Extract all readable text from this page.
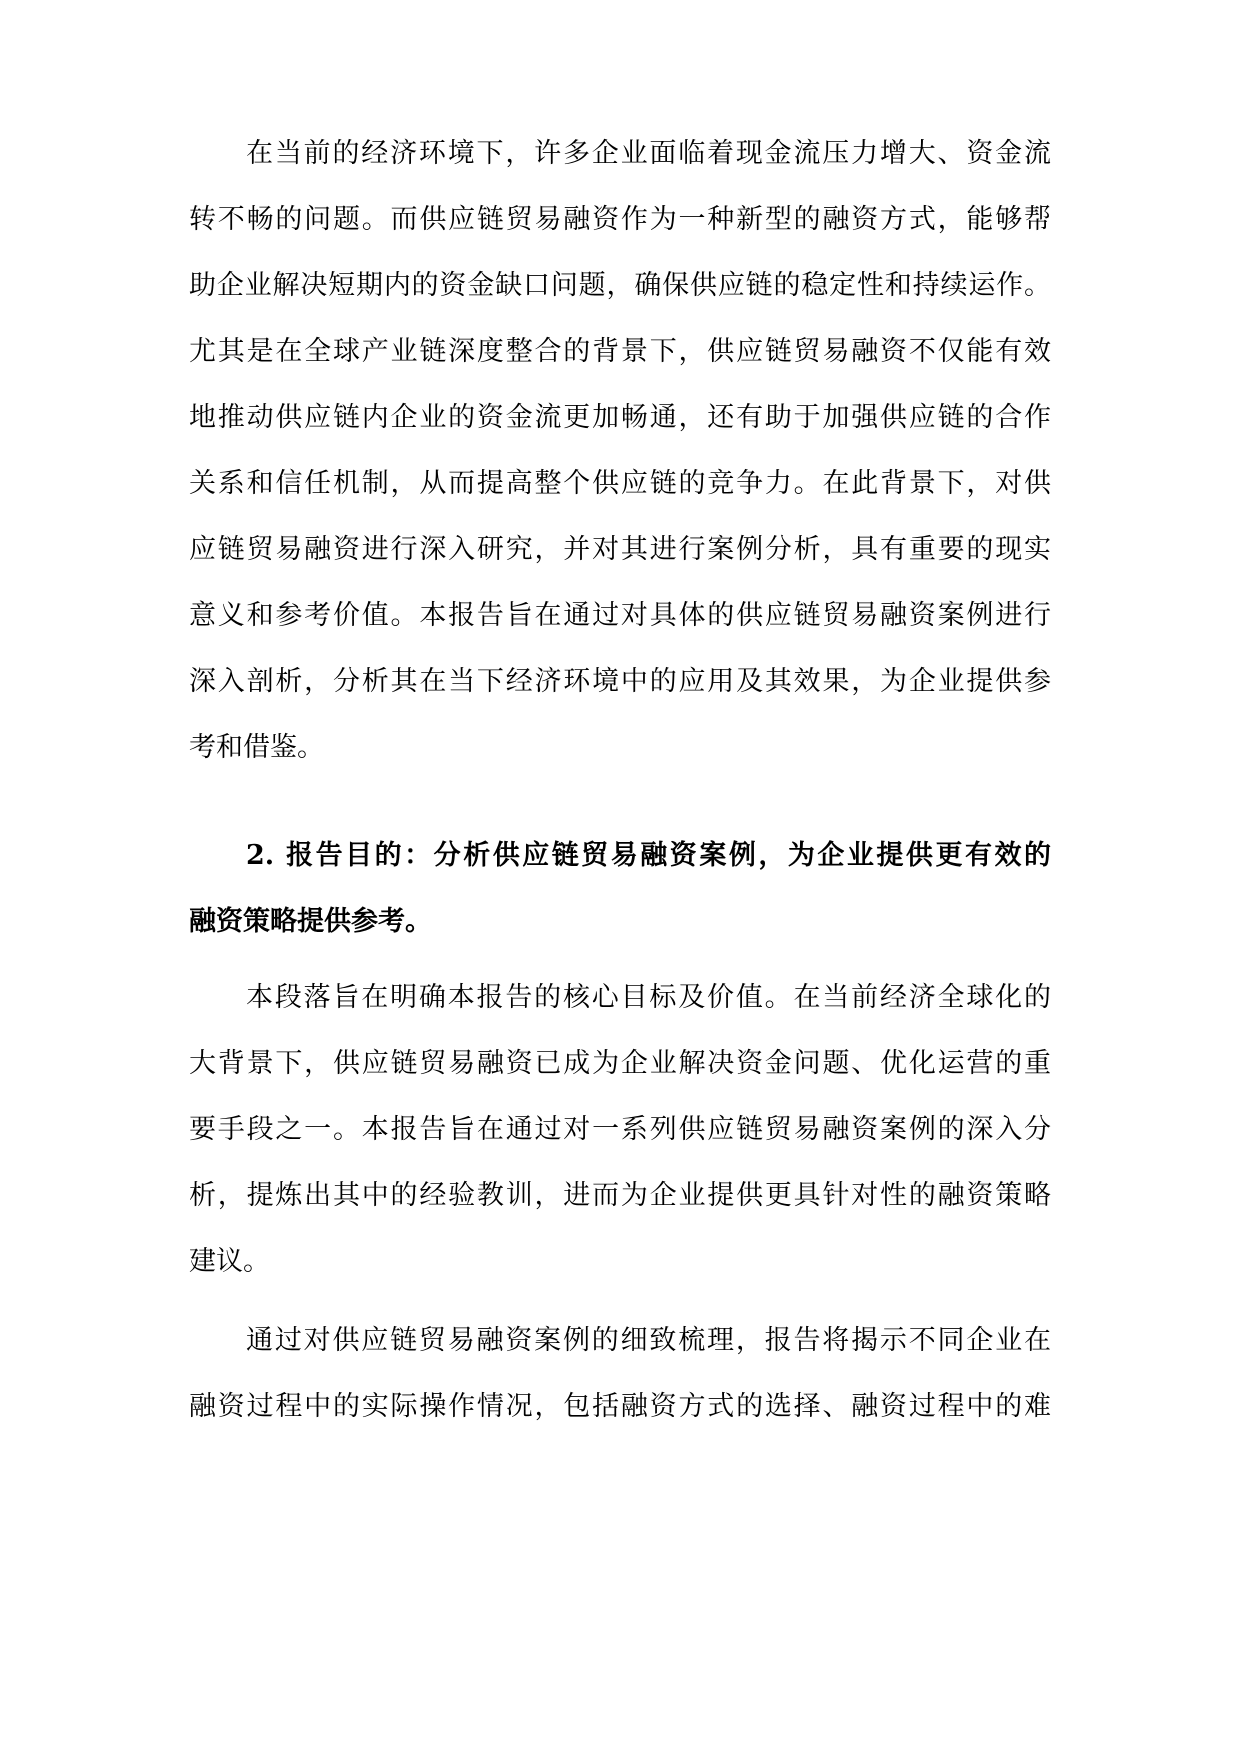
在当前的经济环境下，许多企业面临着现金流压力增大、资金流
转不畅的问题。而供应链贸易融资作为一种新型的融资方式，能够帮
助企业解决短期内的资金缺口问题，确保供应链的稳定性和持续运作。
尤其是在全球产业链深度整合的背景下，供应链贸易融资不仅能有效
地推动供应链内企业的资金流更加畅通，还有助于加强供应链的合作
关系和信任机制，从而提高整个供应链的竞争力。在此背景下，对供
应链贸易融资进行深入研究，并对其进行案例分析，具有重要的现实
意义和参考价值。本报告旨在通过对具体的供应链贸易融资案例进行
深入剖析，分析其在当下经济环境中的应用及其效果，为企业提供参
考和借鉴。
2. 报告目的：分析供应链贸易融资案例，为企业提供更有效的
融资策略提供参考。
本段落旨在明确本报告的核心目标及价值。在当前经济全球化的
大背景下，供应链贸易融资已成为企业解决资金问题、优化运营的重
要手段之一。本报告旨在通过对一系列供应链贸易融资案例的深入分
析，提炼出其中的经验教训，进而为企业提供更具针对性的融资策略
建议。
通过对供应链贸易融资案例的细致梳理，报告将揭示不同企业在
融资过程中的实际操作情况，包括融资方式的选择、融资过程中的难
